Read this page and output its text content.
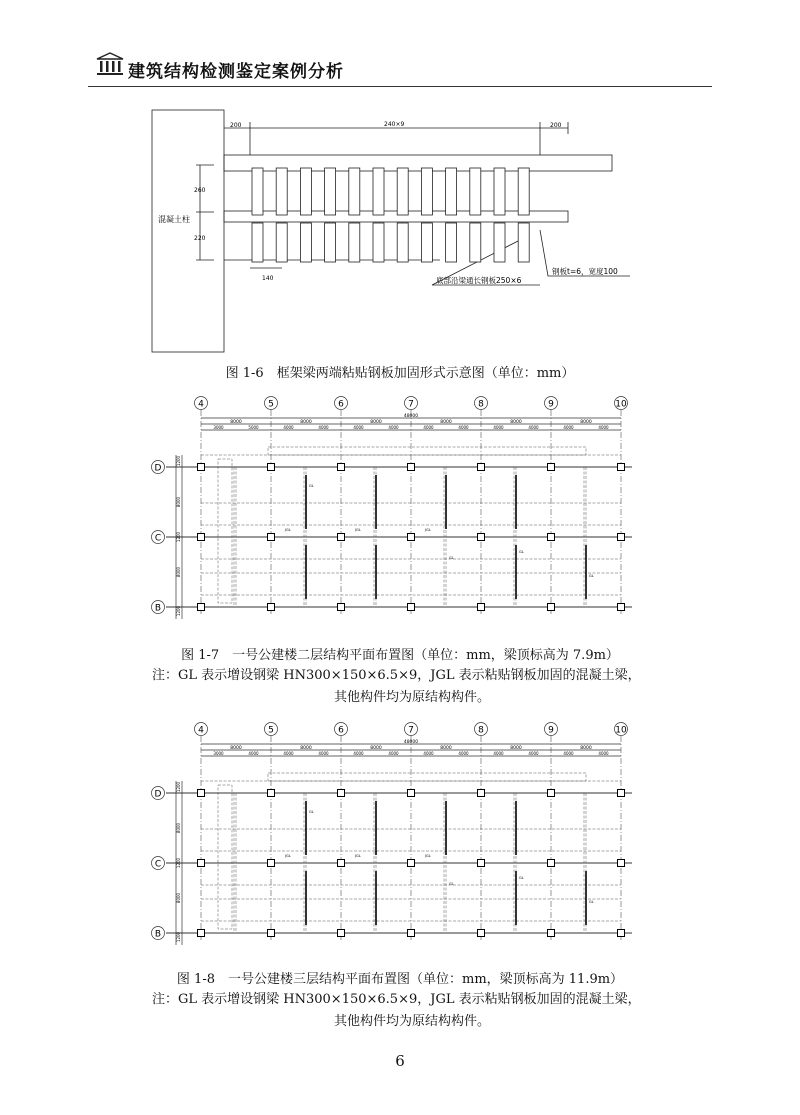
建筑结构检测鉴定案例分析
混凝土柱
200	240×9	200
260
220
140
钢板t=6，宽度100
底部沿梁通长钢板250×6
图 1-6　框架梁两端粘贴钢板加固形式示意图（单位：mm）
4	5	6	7	8	9	10
D
C
B
48000
8000	8000	8000	8000	8000	8000
3000	5000	4000	4000	4000	4000	4000	4000	4000	4000	4000	4000
1200
8000
1200
8000
1200
GL
JGL	JGL	JGL
GL
GL
GL
图 1-7　一号公建楼二层结构平面布置图（单位：mm，梁顶标高为 7.9m）
注：GL 表示增设钢梁 HN300×150×6.5×9，JGL 表示粘贴钢板加固的混凝土梁，
其他构件均为原结构构件。
4	5	6	7	8	9	10
D
C
B
48000
8000	8000	8000	8000	8000	8000
3000	4000	4000	4000	4000	4000	4000	4000	4000	4000	4000	4000
1200
8000
1200
8000
1200
GL
JGL	JGL	JGL
GL
GL
GL
图 1-8　一号公建楼三层结构平面布置图（单位：mm，梁顶标高为 11.9m）
注：GL 表示增设钢梁 HN300×150×6.5×9，JGL 表示粘贴钢板加固的混凝土梁，
其他构件均为原结构构件。
6
